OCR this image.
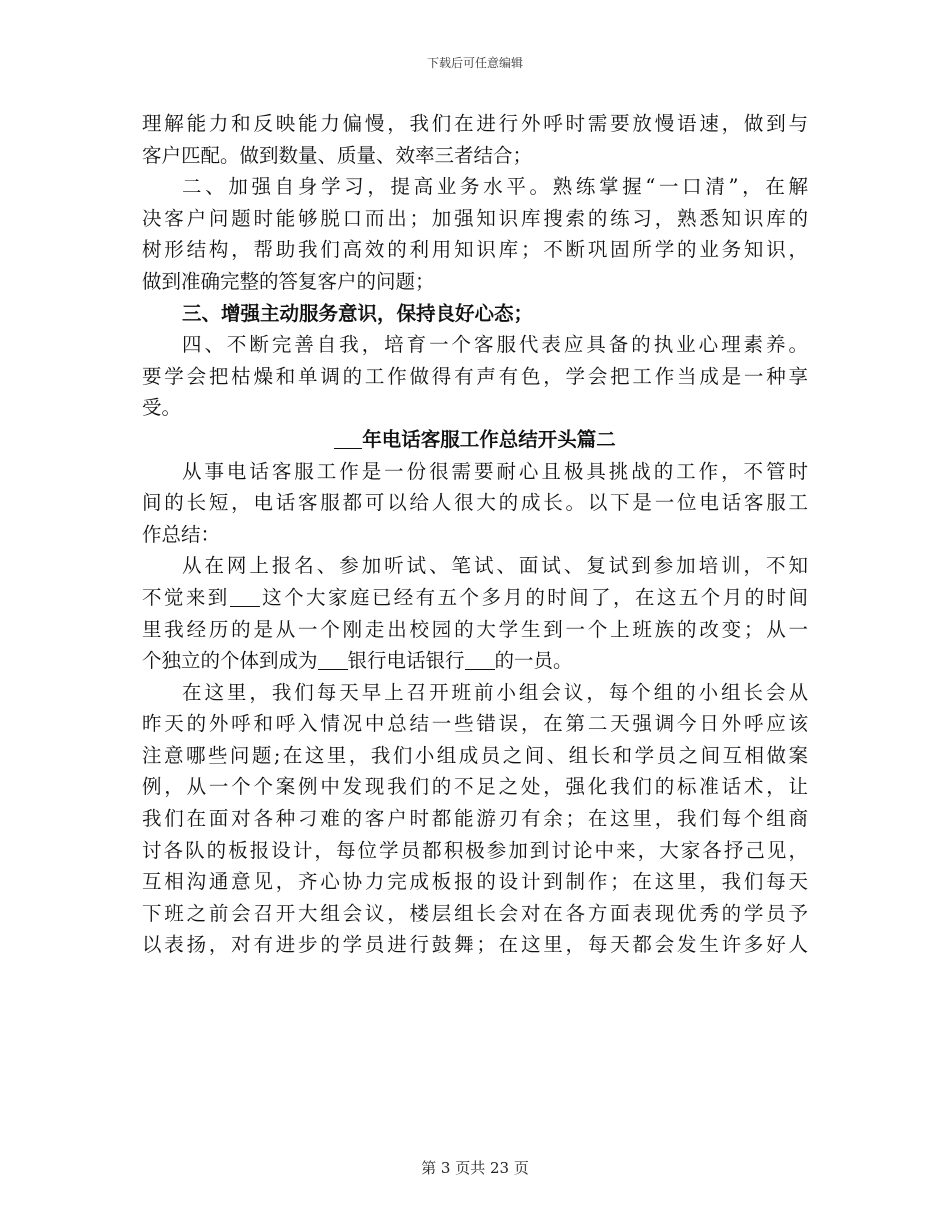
下载后可任意编辑
理解能力和反映能力偏慢，我们在进行外呼时需要放慢语速，做到与
客户匹配。做到数量、质量、效率三者结合；
二、加强自身学习，提高业务水平。熟练掌握“一口清”，在解
决客户问题时能够脱口而出；加强知识库搜索的练习，熟悉知识库的
树形结构，帮助我们高效的利用知识库；不断巩固所学的业务知识，
做到准确完整的答复客户的问题；
三、增强主动服务意识，保持良好心态；
四、不断完善自我，培育一个客服代表应具备的执业心理素养。
要学会把枯燥和单调的工作做得有声有色，学会把工作当成是一种享
受。
年电话客服工作总结开头篇二
从事电话客服工作是一份很需要耐心且极具挑战的工作，不管时
间的长短，电话客服都可以给人很大的成长。以下是一位电话客服工
作总结：
从在网上报名、参加听试、笔试、面试、复试到参加培训，不知
不觉来到 这个大家庭已经有五个多月的时间了，在这五个月的时间
里我经历的是从一个刚走出校园的大学生到一个上班族的改变；从一
个独立的个体到成为 银行电话银行 的一员。
在这里，我们每天早上召开班前小组会议，每个组的小组长会从
昨天的外呼和呼入情况中总结一些错误，在第二天强调今日外呼应该
注意哪些问题;在这里，我们小组成员之间、组长和学员之间互相做案
例，从一个个案例中发现我们的不足之处，强化我们的标准话术，让
我们在面对各种刁难的客户时都能游刃有余；在这里，我们每个组商
讨各队的板报设计，每位学员都积极参加到讨论中来，大家各抒己见，
互相沟通意见，齐心协力完成板报的设计到制作；在这里，我们每天
下班之前会召开大组会议，楼层组长会对在各方面表现优秀的学员予
以表扬，对有进步的学员进行鼓舞；在这里，每天都会发生许多好人
第 3 页共 23 页
